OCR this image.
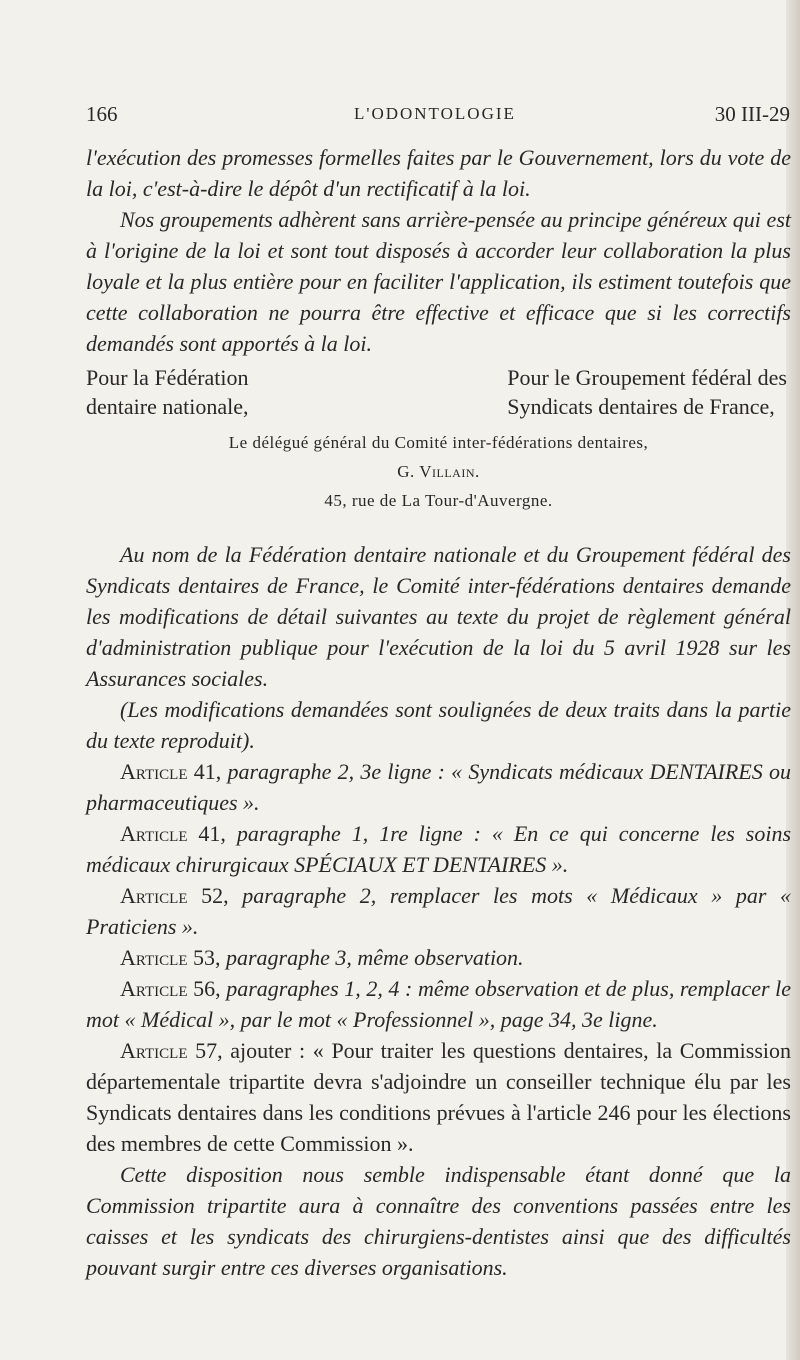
166	L'ODONTOLOGIE	30 III-29

l'exécution des promesses formelles faites par le Gouvernement, lors du vote de la loi, c'est-à-dire le dépôt d'un rectificatif à la loi.

Nos groupements adhèrent sans arrière-pensée au principe généreux qui est à l'origine de la loi et sont tout disposés à accorder leur collaboration la plus loyale et la plus entière pour en faciliter l'application, ils estiment toutefois que cette collaboration ne pourra être effective et efficace que si les correctifs demandés sont apportés à la loi.

Pour la Fédération
dentaire nationale,
Pour le Groupement fédéral des
Syndicats dentaires de France,
Le délégué général du Comité inter-fédérations dentaires,
G. Villain.
45, rue de La Tour-d'Auvergne.

Au nom de la Fédération dentaire nationale et du Groupement fédéral des Syndicats dentaires de France, le Comité inter-fédérations dentaires demande les modifications de détail suivantes au texte du projet de règlement général d'administration publique pour l'exécution de la loi du 5 avril 1928 sur les Assurances sociales.

(Les modifications demandées sont soulignées de deux traits dans la partie du texte reproduit).

Article 41, paragraphe 2, 3e ligne : « Syndicats médicaux DENTAIRES ou pharmaceutiques ».

Article 41, paragraphe 1, 1re ligne : « En ce qui concerne les soins médicaux chirurgicaux SPÉCIAUX ET DENTAIRES ».

Article 52, paragraphe 2, remplacer les mots « Médicaux » par « Praticiens ».

Article 53, paragraphe 3, même observation.

Article 56, paragraphes 1, 2, 4 : même observation et de plus, remplacer le mot « Médical », par le mot « Professionnel », page 34, 3e ligne.

Article 57, ajouter : « Pour traiter les questions dentaires, la Commission départementale tripartite devra s'adjoindre un conseiller technique élu par les Syndicats dentaires dans les conditions prévues à l'article 246 pour les élections des membres de cette Commission ».

Cette disposition nous semble indispensable étant donné que la Commission tripartite aura à connaître des conventions passées entre les caisses et les syndicats des chirurgiens-dentistes ainsi que des difficultés pouvant surgir entre ces diverses organisations.
